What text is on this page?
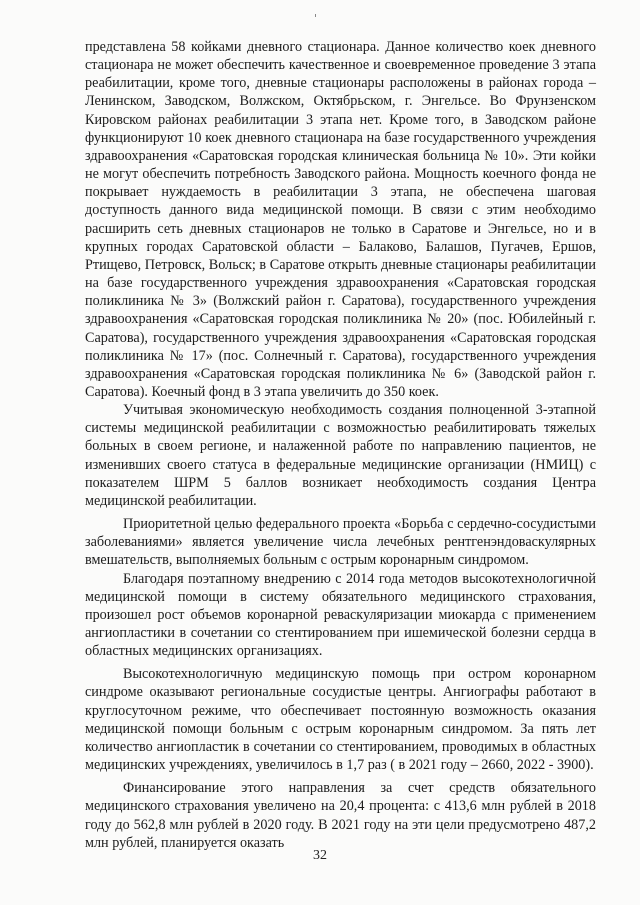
представлена 58 койками дневного стационара. Данное количество коек дневного стационара не может обеспечить качественное и своевременное проведение 3 этапа реабилитации, кроме того, дневные стационары расположены в районах города – Ленинском, Заводском, Волжском, Октябрьском, г. Энгельсе. Во Фрунзенском Кировском районах реабилитации 3 этапа нет. Кроме того, в Заводском районе функционируют 10 коек дневного стационара на базе государственного учреждения здравоохранения «Саратовская городская клиническая больница № 10». Эти койки не могут обеспечить потребность Заводского района. Мощность коечного фонда не покрывает нуждаемость в реабилитации 3 этапа, не обеспечена шаговая доступность данного вида медицинской помощи. В связи с этим необходимо расширить сеть дневных стационаров не только в Саратове и Энгельсе, но и в крупных городах Саратовской области – Балаково, Балашов, Пугачев, Ершов, Ртищево, Петровск, Вольск; в Саратове открыть дневные стационары реабилитации на базе государственного учреждения здравоохранения «Саратовская городская поликлиника № 3» (Волжский район г. Саратова), государственного учреждения здравоохранения «Саратовская городская поликлиника № 20» (пос. Юбилейный г. Саратова), государственного учреждения здравоохранения «Саратовская городская поликлиника № 17» (пос. Солнечный г. Саратова), государственного учреждения здравоохранения «Саратовская городская поликлиника № 6» (Заводской район г. Саратова). Коечный фонд в 3 этапа увеличить до 350 коек.

Учитывая экономическую необходимость создания полноценной 3-этапной системы медицинской реабилитации с возможностью реабилитировать тяжелых больных в своем регионе, и налаженной работе по направлению пациентов, не изменивших своего статуса в федеральные медицинские организации (НМИЦ) с показателем ШРМ 5 баллов возникает необходимость создания Центра медицинской реабилитации.

Приоритетной целью федерального проекта «Борьба с сердечно-сосудистыми заболеваниями» является увеличение числа лечебных рентгенэндоваскулярных вмешательств, выполняемых больным с острым коронарным синдромом.

Благодаря поэтапному внедрению с 2014 года методов высокотехнологичной медицинской помощи в систему обязательного медицинского страхования, произошел рост объемов коронарной реваскуляризации миокарда с применением ангиопластики в сочетании со стентированием при ишемической болезни сердца в областных медицинских организациях.

Высокотехнологичную медицинскую помощь при остром коронарном синдроме оказывают региональные сосудистые центры. Ангиографы работают в круглосуточном режиме, что обеспечивает постоянную возможность оказания медицинской помощи больным с острым коронарным синдромом. За пять лет количество ангиопластик в сочетании со стентированием, проводимых в областных медицинских учреждениях, увеличилось в 1,7 раз ( в 2021 году – 2660, 2022 - 3900).

Финансирование этого направления за счет средств обязательного медицинского страхования увеличено на 20,4 процента: с 413,6 млн рублей в 2018 году до 562,8 млн рублей в 2020 году. В 2021 году на эти цели предусмотрено 487,2 млн рублей, планируется оказать

32
